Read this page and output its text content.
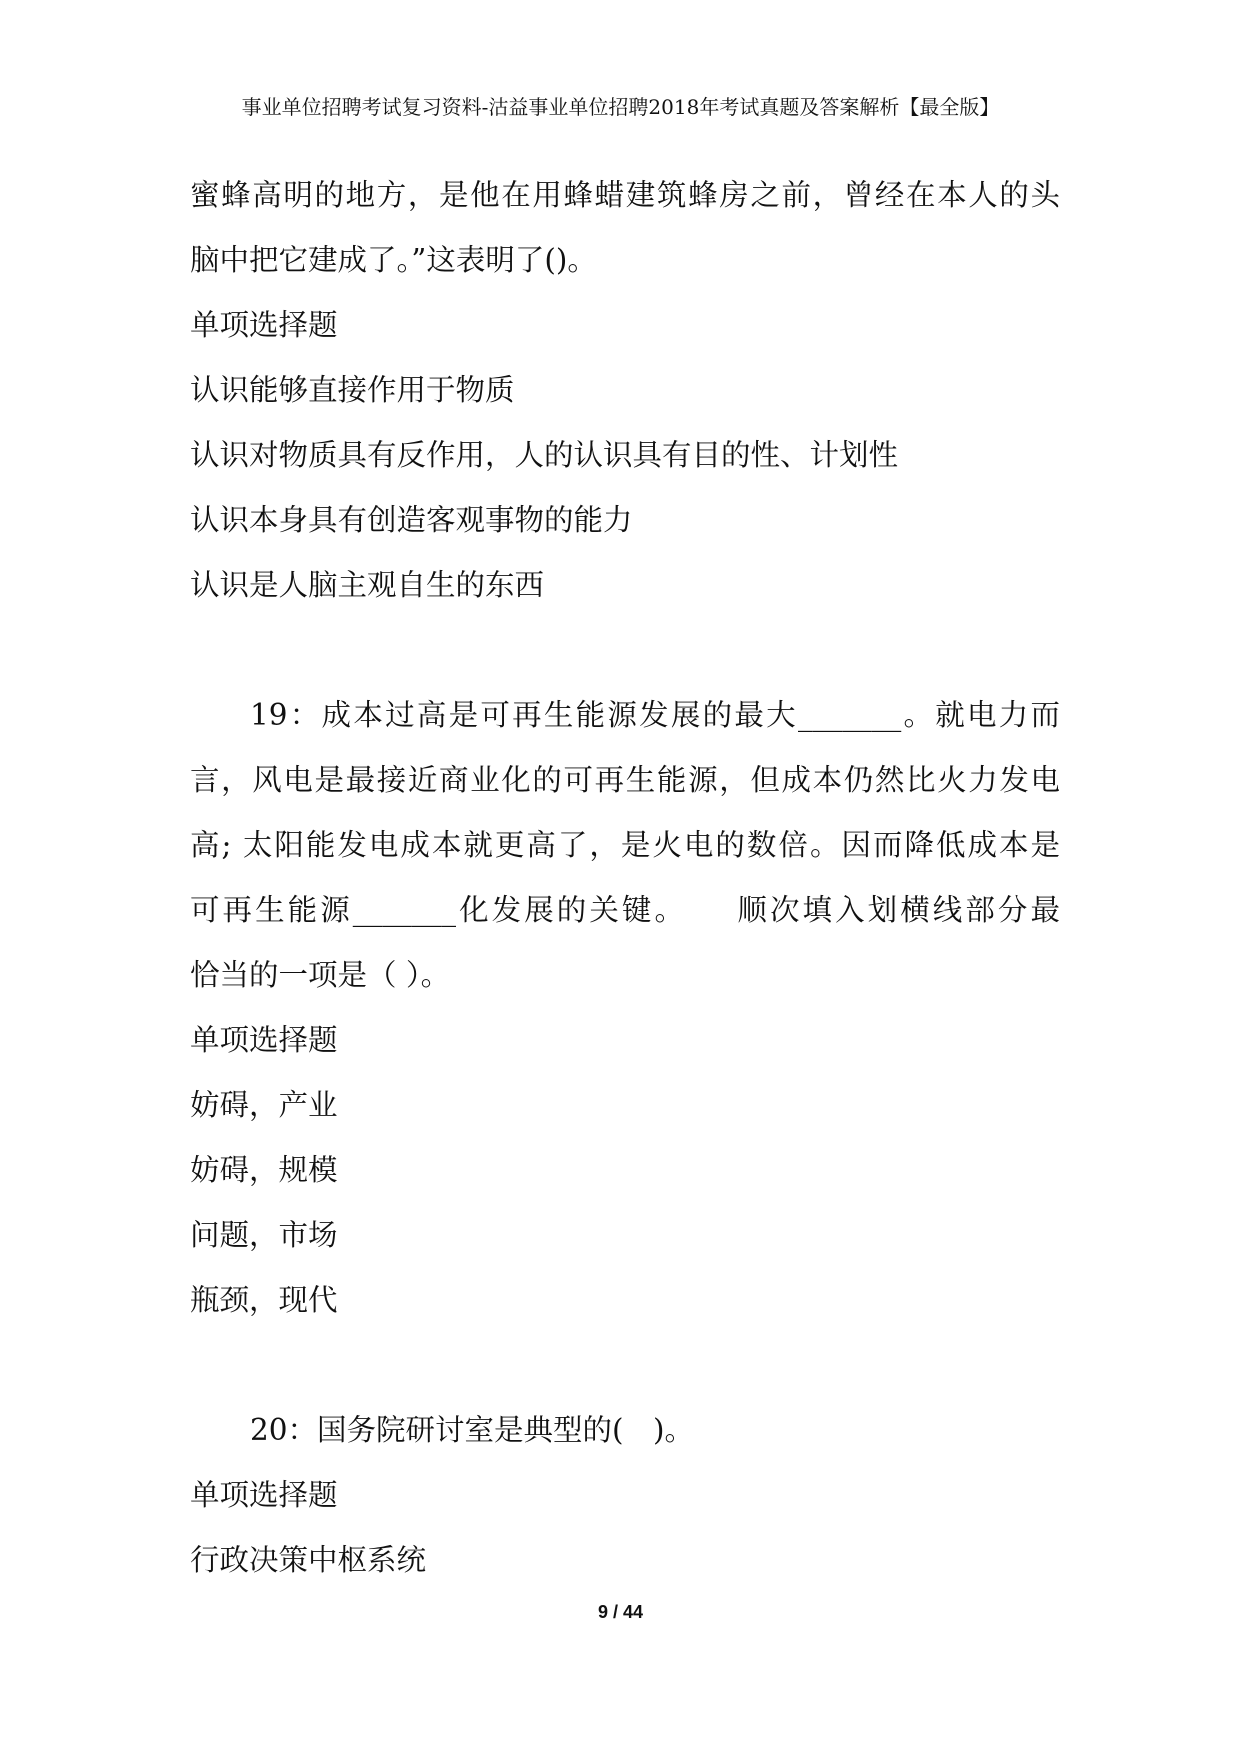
事业单位招聘考试复习资料-沽益事业单位招聘2018年考试真题及答案解析【最全版】

蜜蜂高明的地方，是他在用蜂蜡建筑蜂房之前，曾经在本人的头

脑中把它建成了。”这表明了()。

单项选择题

认识能够直接作用于物质

认识对物质具有反作用，人的认识具有目的性、计划性

认识本身具有创造客观事物的能力

认识是人脑主观自生的东西

19：成本过高是可再生能源发展的最大_______。就电力而

言，风电是最接近商业化的可再生能源，但成本仍然比火力发电

高; 太阳能发电成本就更高了，是火电的数倍。因而降低成本是

可再生能源_______化发展的关键。　　顺次填入划横线部分最

恰当的一项是（ ）。

单项选择题

妨碍，产业

妨碍，规模

问题，市场

瓶颈，现代

20：国务院研讨室是典型的(　)。

单项选择题

行政决策中枢系统

9 / 44
